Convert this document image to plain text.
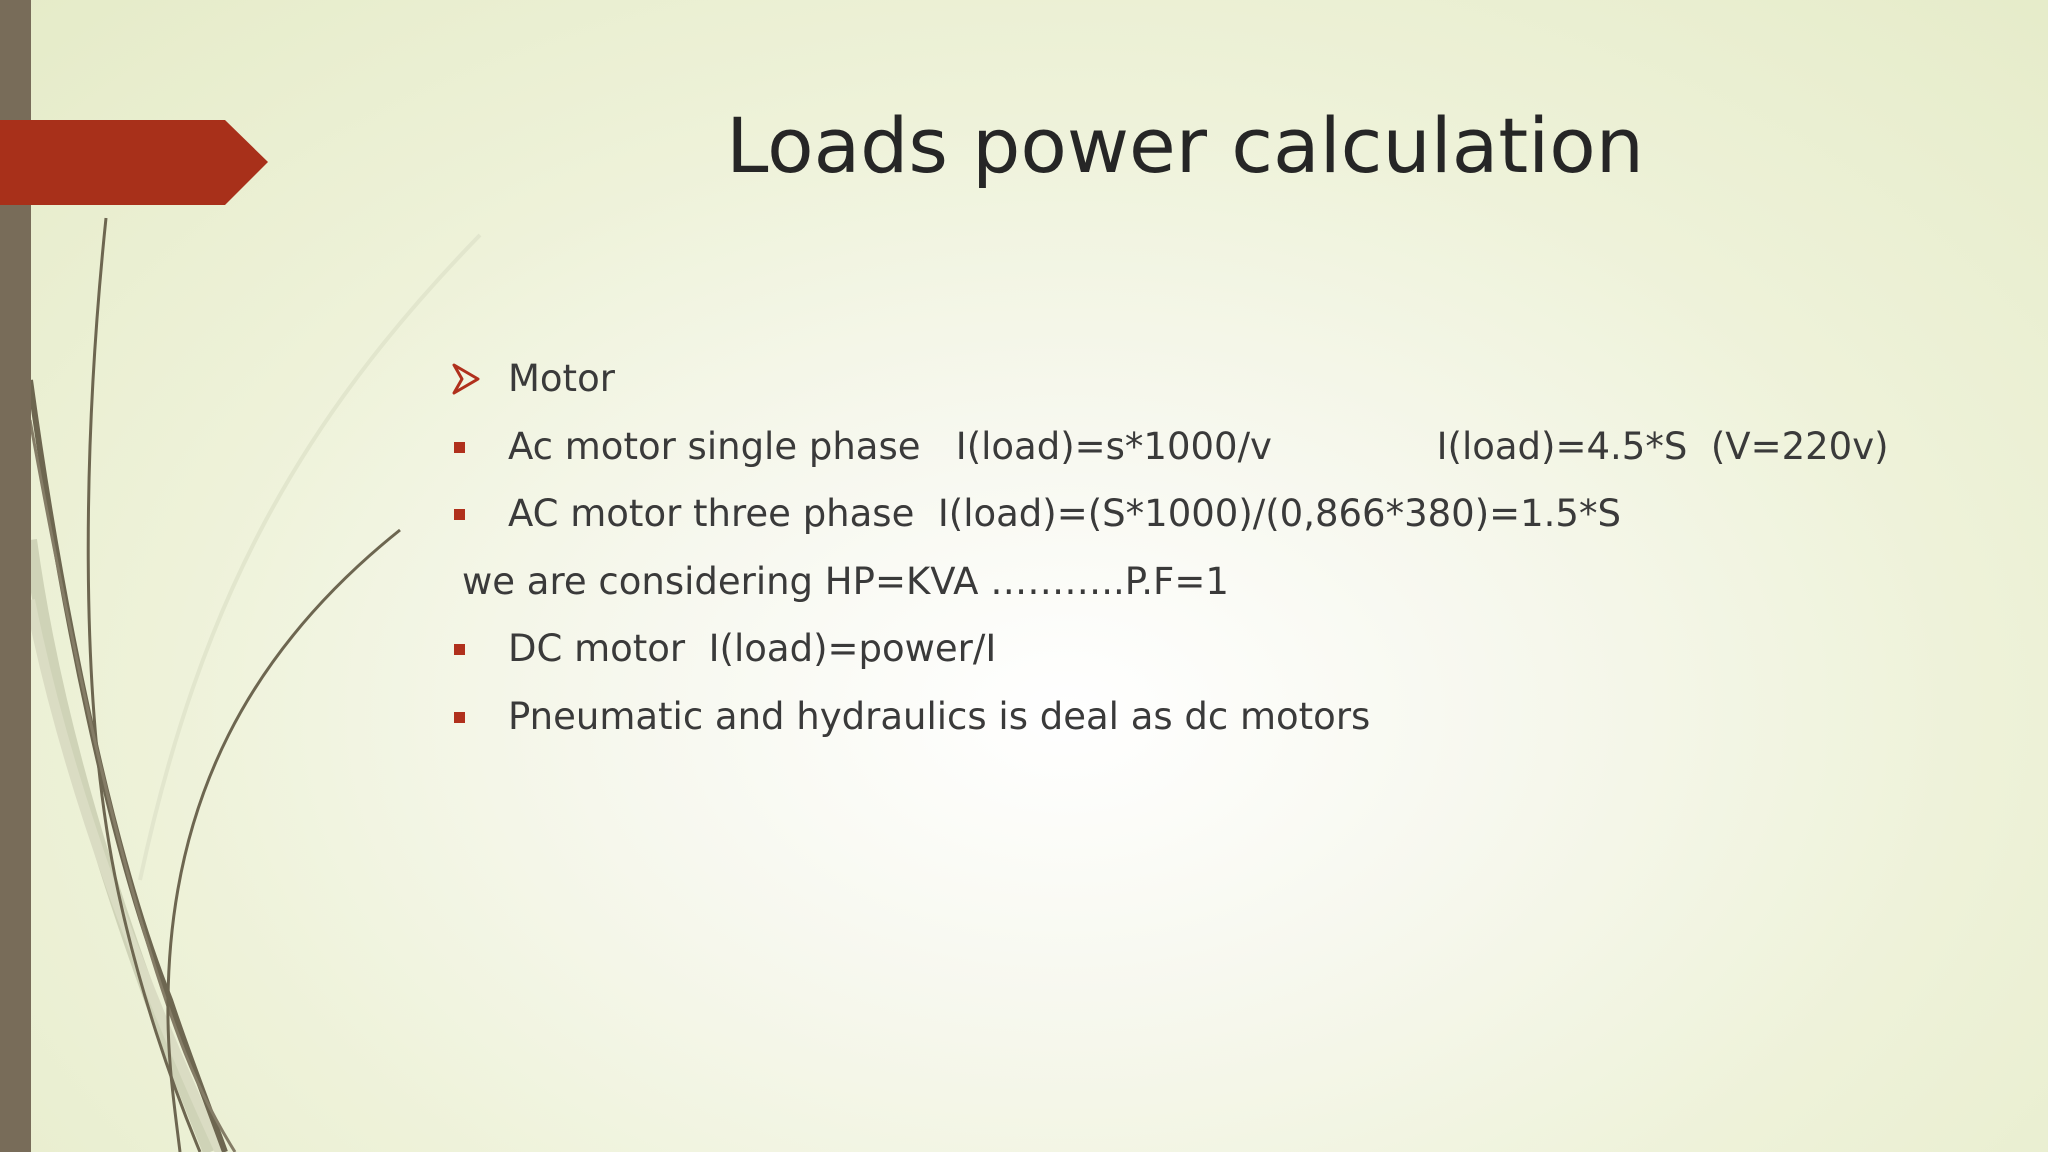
Loads power calculation

Motor

Ac motor single phase   I(load)=s*1000/v              I(load)=4.5*S  (V=220v)

AC motor three phase  I(load)=(S*1000)/(0,866*380)=1.5*S

we are considering HP=KVA ………..P.F=1

DC motor  I(load)=power/I

Pneumatic and hydraulics is deal as dc motors
